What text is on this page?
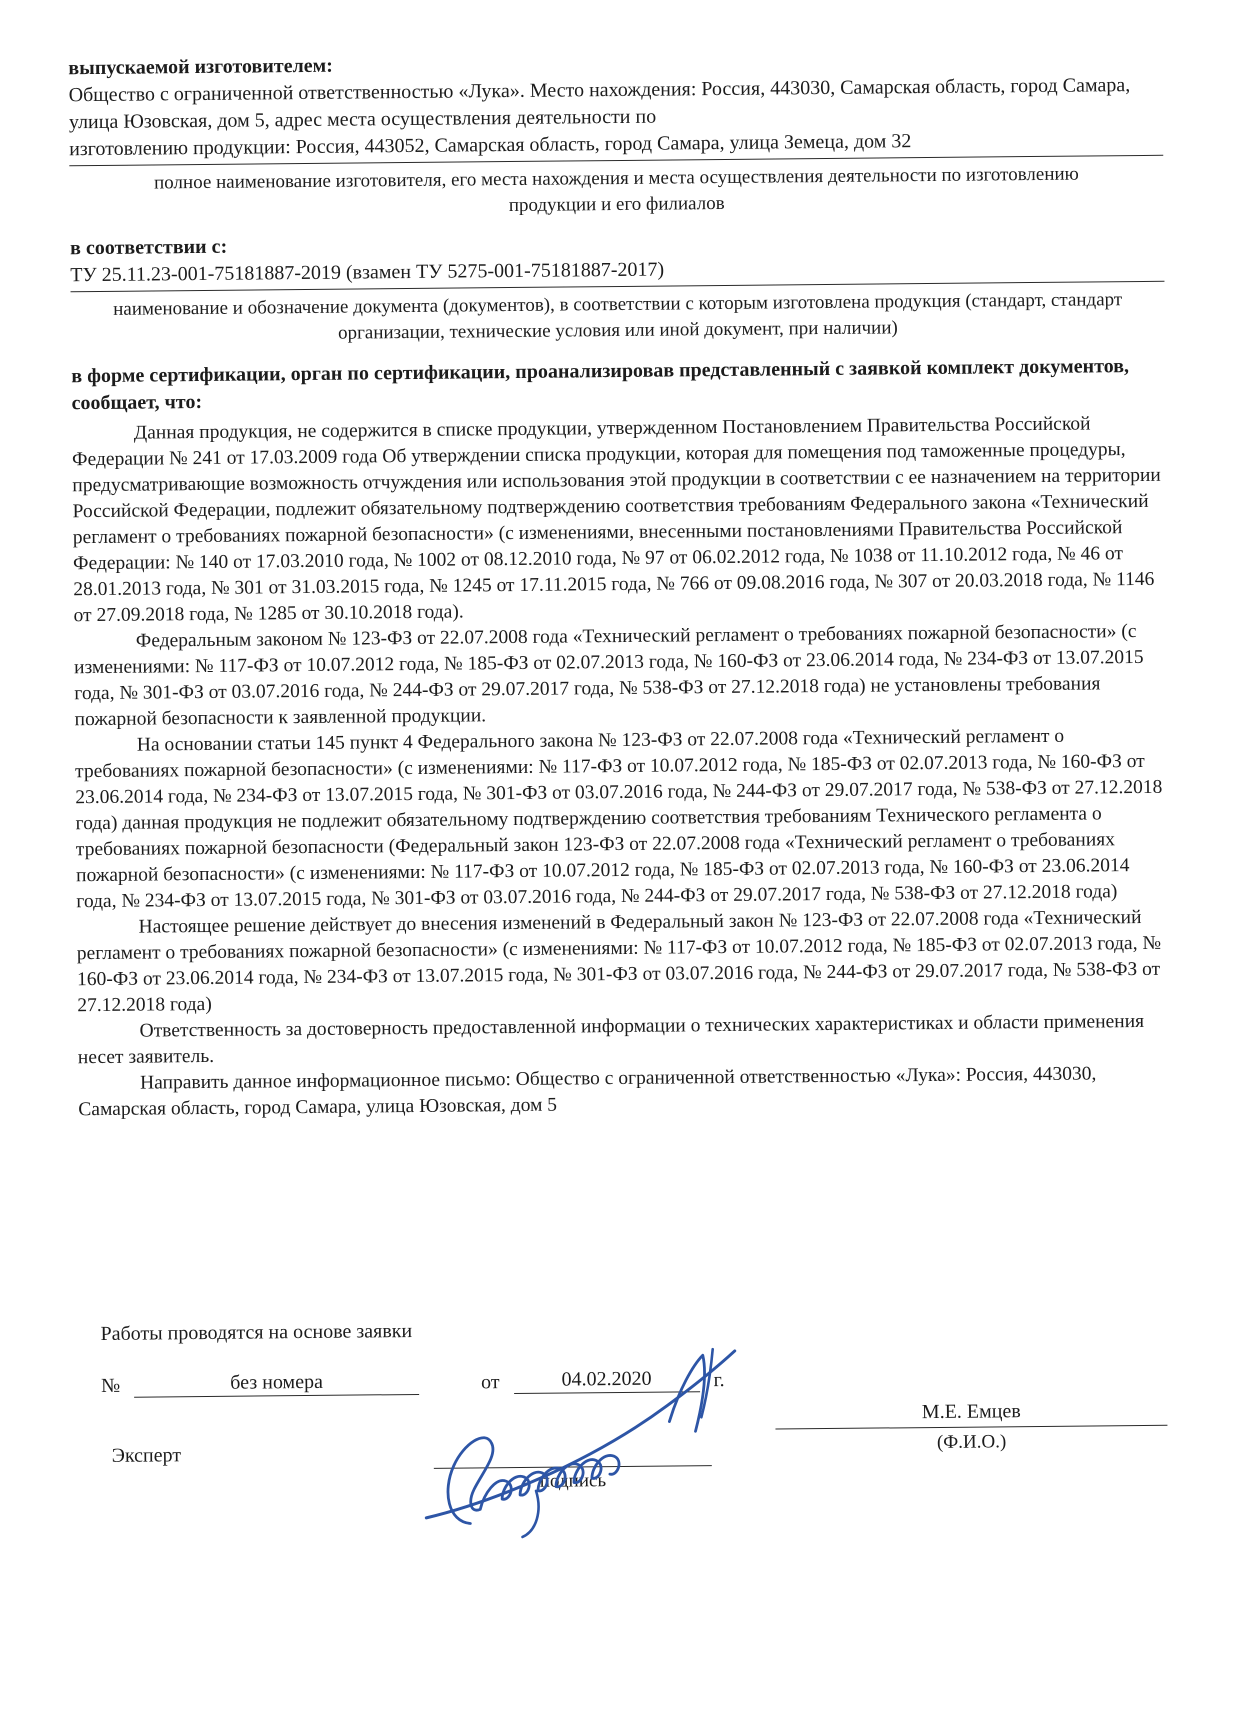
выпускаемой изготовителем:
Общество с ограниченной ответственностью «Лука». Место нахождения: Россия, 443030, Самарская область, город Самара, улица Юзовская, дом 5, адрес места осуществления деятельности по
изготовлению продукции: Россия, 443052, Самарская область, город Самара, улица Земеца, дом 32
полное наименование изготовителя, его места нахождения и места осуществления деятельности по изготовлению продукции и его филиалов
в соответствии с:
ТУ 25.11.23-001-75181887-2019 (взамен ТУ 5275-001-75181887-2017)
наименование и обозначение документа (документов), в соответствии с которым изготовлена продукция (стандарт, стандарт организации, технические условия или иной документ, при наличии)
в форме сертификации, орган по сертификации, проанализировав представленный с заявкой комплект документов, сообщает, что:

Данная продукция, не содержится в списке продукции, утвержденном Постановлением Правительства Российской Федерации № 241 от 17.03.2009 года Об утверждении списка продукции, которая для помещения под таможенные процедуры, предусматривающие возможность отчуждения или использования этой продукции в соответствии с ее назначением на территории Российской Федерации, подлежит обязательному подтверждению соответствия требованиям Федерального закона «Технический регламент о требованиях пожарной безопасности» (с изменениями, внесенными постановлениями Правительства Российской Федерации: № 140 от 17.03.2010 года, № 1002 от 08.12.2010 года, № 97 от 06.02.2012 года, № 1038 от 11.10.2012 года, № 46 от 28.01.2013 года, № 301 от 31.03.2015 года, № 1245 от 17.11.2015 года, № 766 от 09.08.2016 года, № 307 от 20.03.2018 года, № 1146 от 27.09.2018 года, № 1285 от 30.10.2018 года).

Федеральным законом № 123-ФЗ от 22.07.2008 года «Технический регламент о требованиях пожарной безопасности» (с изменениями: № 117-ФЗ от 10.07.2012 года, № 185-ФЗ от 02.07.2013 года, № 160-ФЗ от 23.06.2014 года, № 234-ФЗ от 13.07.2015 года, № 301-ФЗ от 03.07.2016 года, № 244-ФЗ от 29.07.2017 года, № 538-ФЗ от 27.12.2018 года) не установлены требования пожарной безопасности к заявленной продукции.

На основании статьи 145 пункт 4 Федерального закона № 123-ФЗ от 22.07.2008 года «Технический регламент о требованиях пожарной безопасности» (с изменениями: № 117-ФЗ от 10.07.2012 года, № 185-ФЗ от 02.07.2013 года, № 160-ФЗ от 23.06.2014 года, № 234-ФЗ от 13.07.2015 года, № 301-ФЗ от 03.07.2016 года, № 244-ФЗ от 29.07.2017 года, № 538-ФЗ от 27.12.2018 года) данная продукция не подлежит обязательному подтверждению соответствия требованиям Технического регламента о требованиях пожарной безопасности (Федеральный закон 123-ФЗ от 22.07.2008 года «Технический регламент о требованиях пожарной безопасности» (с изменениями: № 117-ФЗ от 10.07.2012 года, № 185-ФЗ от 02.07.2013 года, № 160-ФЗ от 23.06.2014 года, № 234-ФЗ от 13.07.2015 года, № 301-ФЗ от 03.07.2016 года, № 244-ФЗ от 29.07.2017 года, № 538-ФЗ от 27.12.2018 года)

Настоящее решение действует до внесения изменений в Федеральный закон № 123-ФЗ от 22.07.2008 года «Технический регламент о требованиях пожарной безопасности» (с изменениями: № 117-ФЗ от 10.07.2012 года, № 185-ФЗ от 02.07.2013 года, № 160-ФЗ от 23.06.2014 года, № 234-ФЗ от 13.07.2015 года, № 301-ФЗ от 03.07.2016 года, № 244-ФЗ от 29.07.2017 года, № 538-ФЗ от 27.12.2018 года)

Ответственность за достоверность предоставленной информации о технических характеристиках и области применения несет заявитель.

Направить данное информационное письмо: Общество с ограниченной ответственностью «Лука»: Россия, 443030, Самарская область, город Самара, улица Юзовская, дом 5

Работы проводятся на основе заявки
№	без номера	от	04.02.2020	г.
Эксперт
подпись
М.Е. Емцев
(Ф.И.О.)
